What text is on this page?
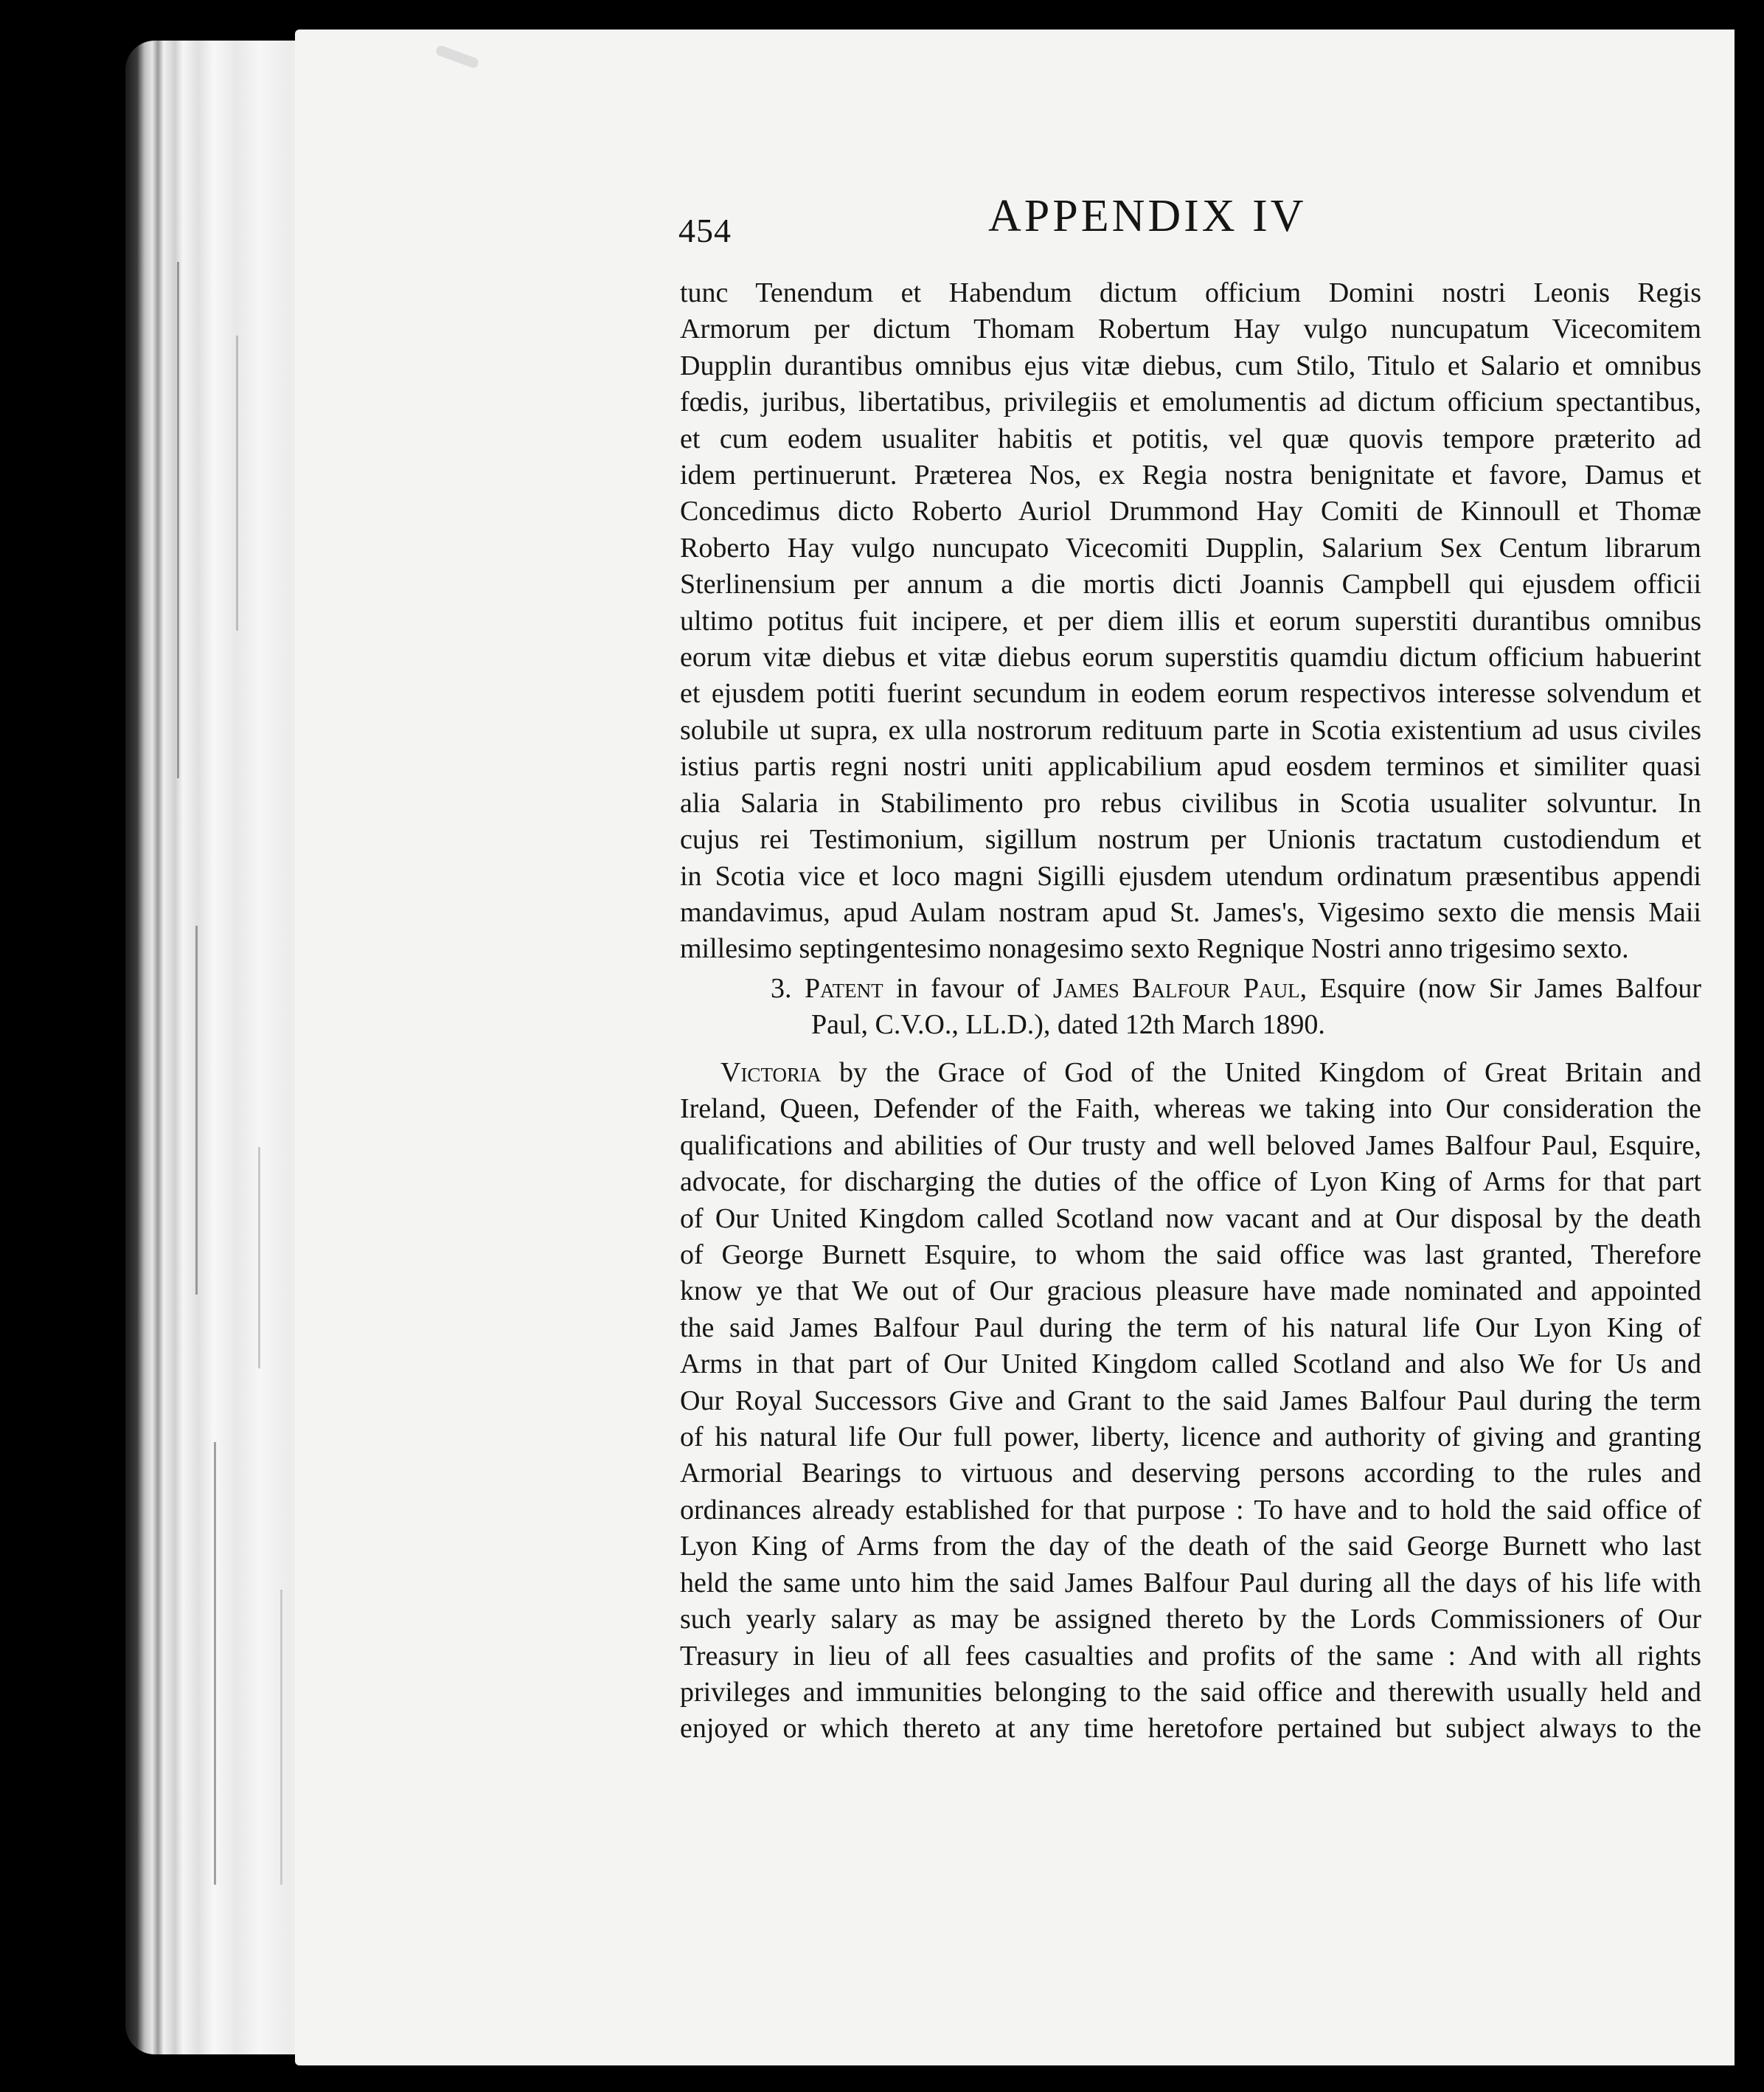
454	APPENDIX IV
tunc Tenendum et Habendum dictum officium Domini nostri Leonis Regis
Armorum per dictum Thomam Robertum Hay vulgo nuncupatum Vicecomitem
Dupplin durantibus omnibus ejus vitæ diebus, cum Stilo, Titulo et Salario et omnibus
fœdis, juribus, libertatibus, privilegiis et emolumentis ad dictum officium spectantibus,
et cum eodem usualiter habitis et potitis, vel quæ quovis tempore præterito ad
idem pertinuerunt. Præterea Nos, ex Regia nostra benignitate et favore, Damus et
Concedimus dicto Roberto Auriol Drummond Hay Comiti de Kinnoull et Thomæ
Roberto Hay vulgo nuncupato Vicecomiti Dupplin, Salarium Sex Centum librarum
Sterlinensium per annum a die mortis dicti Joannis Campbell qui ejusdem officii
ultimo potitus fuit incipere, et per diem illis et eorum superstiti durantibus omnibus
eorum vitæ diebus et vitæ diebus eorum superstitis quamdiu dictum officium habuerint
et ejusdem potiti fuerint secundum in eodem eorum respectivos interesse solvendum et
solubile ut supra, ex ulla nostrorum redituum parte in Scotia existentium ad usus civiles
istius partis regni nostri uniti applicabilium apud eosdem terminos et similiter quasi
alia Salaria in Stabilimento pro rebus civilibus in Scotia usualiter solvuntur. In
cujus rei Testimonium, sigillum nostrum per Unionis tractatum custodiendum et
in Scotia vice et loco magni Sigilli ejusdem utendum ordinatum præsentibus appendi
mandavimus, apud Aulam nostram apud St. James's, Vigesimo sexto die mensis Maii
millesimo septingentesimo nonagesimo sexto Regnique Nostri anno trigesimo sexto.
3. Patent in favour of James Balfour Paul, Esquire (now Sir James Balfour
Paul, C.V.O., LL.D.), dated 12th March 1890.
Victoria by the Grace of God of the United Kingdom of Great Britain and
Ireland, Queen, Defender of the Faith, whereas we taking into Our consideration the
qualifications and abilities of Our trusty and well beloved James Balfour Paul, Esquire,
advocate, for discharging the duties of the office of Lyon King of Arms for that part
of Our United Kingdom called Scotland now vacant and at Our disposal by the death
of George Burnett Esquire, to whom the said office was last granted, Therefore
know ye that We out of Our gracious pleasure have made nominated and appointed
the said James Balfour Paul during the term of his natural life Our Lyon King of
Arms in that part of Our United Kingdom called Scotland and also We for Us and
Our Royal Successors Give and Grant to the said James Balfour Paul during the term
of his natural life Our full power, liberty, licence and authority of giving and granting
Armorial Bearings to virtuous and deserving persons according to the rules and
ordinances already established for that purpose : To have and to hold the said office of
Lyon King of Arms from the day of the death of the said George Burnett who last
held the same unto him the said James Balfour Paul during all the days of his life with
such yearly salary as may be assigned thereto by the Lords Commissioners of Our
Treasury in lieu of all fees casualties and profits of the same : And with all rights
privileges and immunities belonging to the said office and therewith usually held and
enjoyed or which thereto at any time heretofore pertained but subject always to the
